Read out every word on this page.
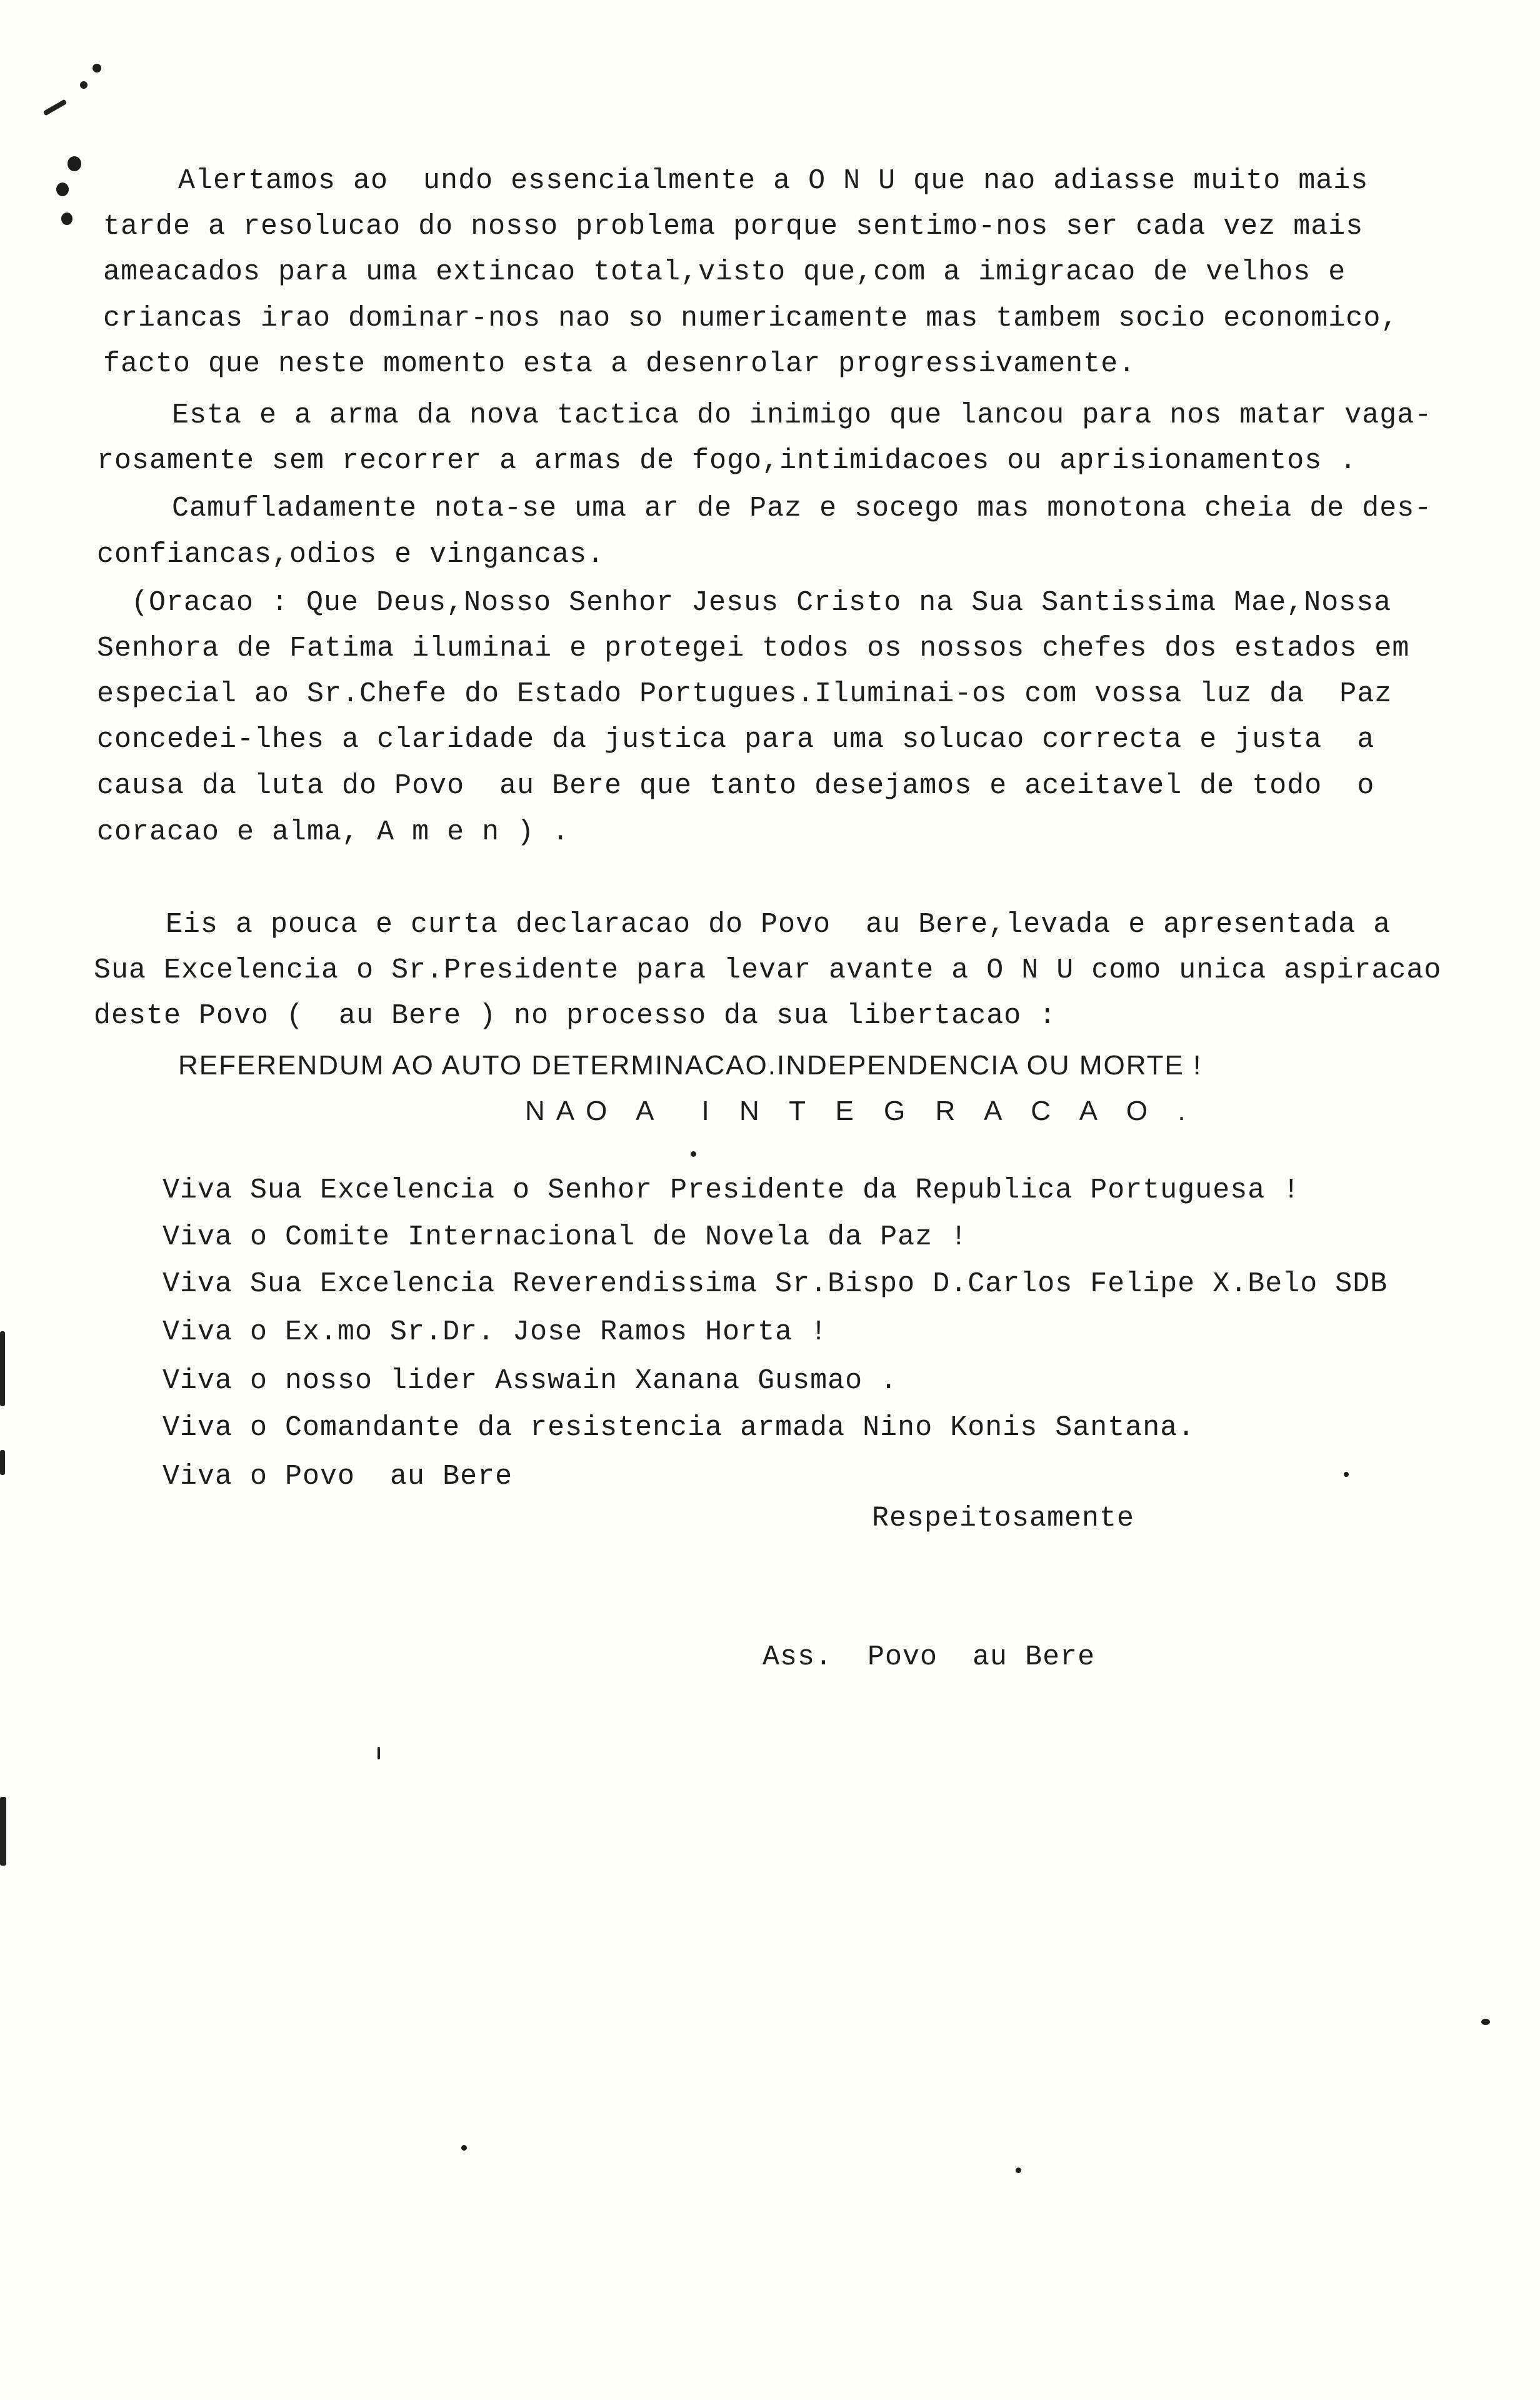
Alertamos ao  undo essencialmente a O N U que nao adiasse muito mais
tarde a resolucao do nosso problema porque sentimo-nos ser cada vez mais
ameacados para uma extincao total,visto que,com a imigracao de velhos e
criancas irao dominar-nos nao so numericamente mas tambem socio economico,
facto que neste momento esta a desenrolar progressivamente.
Esta e a arma da nova tactica do inimigo que lancou para nos matar vaga-
rosamente sem recorrer a armas de fogo,intimidacoes ou aprisionamentos .
Camufladamente nota-se uma ar de Paz e socego mas monotona cheia de des-
confiancas,odios e vingancas.
(Oracao : Que Deus,Nosso Senhor Jesus Cristo na Sua Santissima Mae,Nossa
Senhora de Fatima iluminai e protegei todos os nossos chefes dos estados em
especial ao Sr.Chefe do Estado Portugues.Iluminai-os com vossa luz da  Paz
concedei-lhes a claridade da justica para uma solucao correcta e justa  a
causa da luta do Povo  au Bere que tanto desejamos e aceitavel de todo  o
coracao e alma, A m e n ) .
Eis a pouca e curta declaracao do Povo  au Bere,levada e apresentada a
Sua Excelencia o Sr.Presidente para levar avante a O N U como unica aspiracao
deste Povo (  au Bere ) no processo da sua libertacao :
REFERENDUM AO AUTO DETERMINACAO.INDEPENDENCIA OU MORTE !
NAO A  I N T E G R A C A O .
Viva Sua Excelencia o Senhor Presidente da Republica Portuguesa !
Viva o Comite Internacional de Novela da Paz !
Viva Sua Excelencia Reverendissima Sr.Bispo D.Carlos Felipe X.Belo SDB
Viva o Ex.mo Sr.Dr. Jose Ramos Horta !
Viva o nosso lider Asswain Xanana Gusmao .
Viva o Comandante da resistencia armada Nino Konis Santana.
Viva o Povo  au Bere
Respeitosamente
Ass.  Povo  au Bere
